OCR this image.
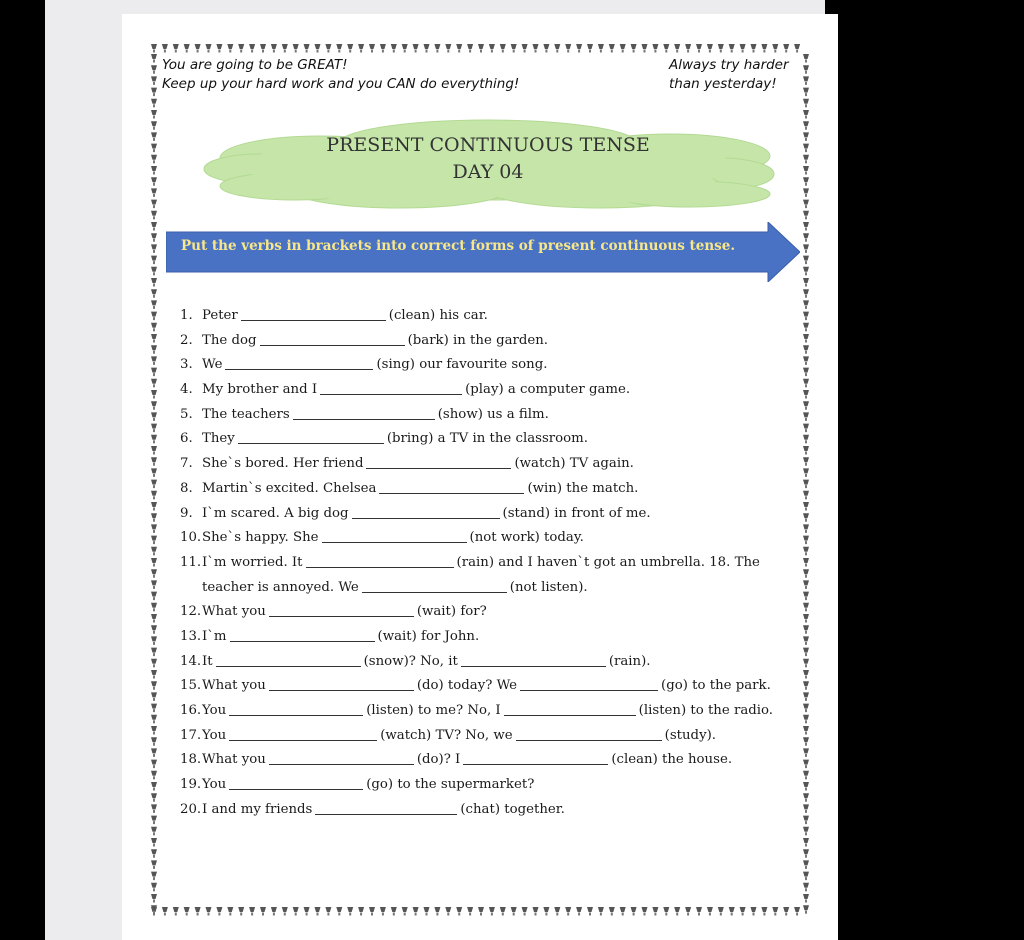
You are going to be GREAT!
Keep up your hard work and you CAN do everything!
Always try harder
than yesterday!
PRESENT CONTINUOUS TENSE
DAY 04
Put the verbs in brackets into correct forms of present continuous tense.
1. Peter	(clean) his car.
2. The dog	(bark) in the garden.
3. We	(sing) our favourite song.
4. My brother and I	(play) a computer game.
5. The teachers	(show) us a film.
6. They	(bring) a TV in the classroom.
7. She`s bored. Her friend	(watch) TV again.
8. Martin`s excited. Chelsea	(win) the match.
9. I`m scared. A big dog	(stand) in front of me.
10.She`s happy. She	(not work) today.
11.I`m worried. It	(rain) and I haven`t got an umbrella. 18. The
teacher is annoyed. We	(not listen).
12.What you	(wait) for?
13.I`m	(wait) for John.
14.It	(snow)? No, it	(rain).
15.What you	(do) today? We	(go) to the park.
16.You	(listen) to me? No, I	(listen) to the radio.
17.You	(watch) TV? No, we	(study).
18.What you	(do)? I	(clean) the house.
19.You	(go) to the supermarket?
20.I and my friends	(chat) together.
